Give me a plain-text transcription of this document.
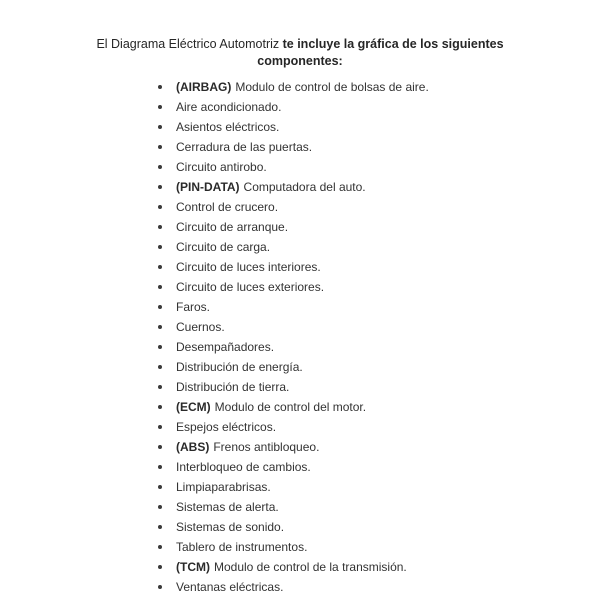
El Diagrama Eléctrico Automotriz te incluye la gráfica de los siguientes componentes:
(AIRBAG) Modulo de control de bolsas de aire.
Aire acondicionado.
Asientos eléctricos.
Cerradura de las puertas.
Circuito antirobo.
(PIN-DATA) Computadora del auto.
Control de crucero.
Circuito de arranque.
Circuito de carga.
Circuito de luces interiores.
Circuito de luces exteriores.
Faros.
Cuernos.
Desempañadores.
Distribución de energía.
Distribución de tierra.
(ECM) Modulo de control del motor.
Espejos eléctricos.
(ABS) Frenos antibloqueo.
Interbloqueo de cambios.
Limpiaparabrisas.
Sistemas de alerta.
Sistemas de sonido.
Tablero de instrumentos.
(TCM) Modulo de control de la transmisión.
Ventanas eléctricas.
